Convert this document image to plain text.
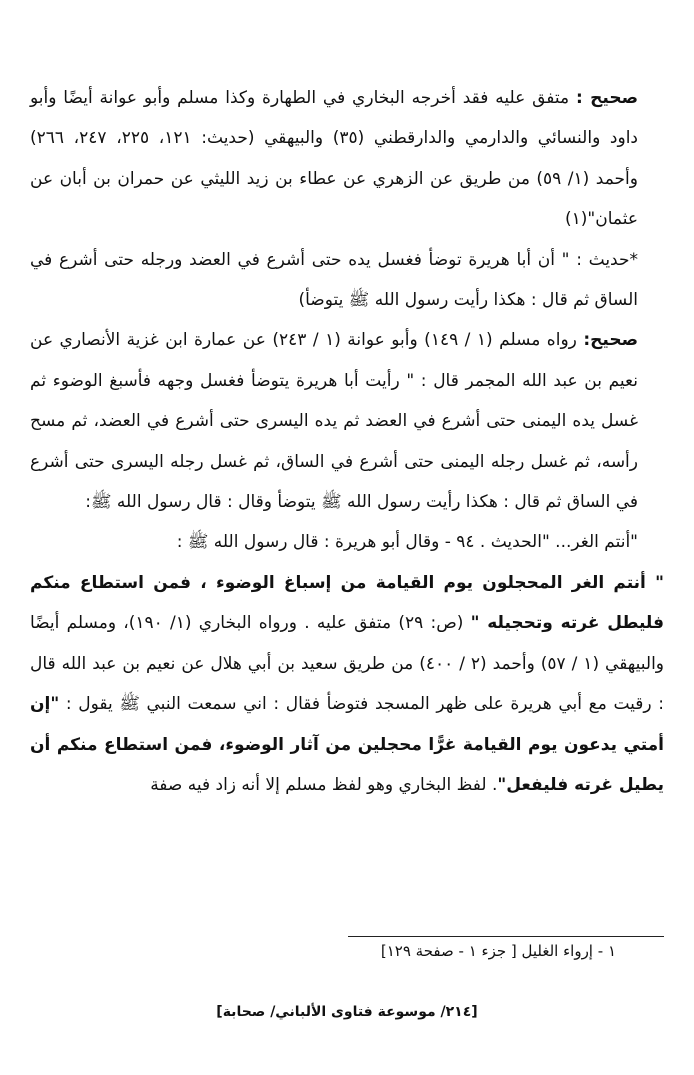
صحيح : متفق عليه فقد أخرجه البخاري في الطهارة وكذا مسلم وأبو عوانة أيضًا وأبو داود والنسائي والدارمي والدارقطني (٣٥) والبيهقي (حديث: ١٢١، ٢٢٥، ٢٤٧، ٢٦٦) وأحمد (١/ ٥٩) من طريق عن الزهري عن عطاء بن زيد الليثي عن حمران بن أبان عن عثمان"(١)

*حديث : " أن أبا هريرة توضأ فغسل يده حتى أشرع في العضد ورجله حتى أشرع في الساق ثم قال : هكذا رأيت رسول الله ﷺ يتوضأ)

صحيح: رواه مسلم (١ / ١٤٩) وأبو عوانة (١ / ٢٤٣) عن عمارة ابن غزية الأنصاري عن نعيم بن عبد الله المجمر قال : " رأيت أبا هريرة يتوضأ فغسل وجهه فأسبغ الوضوء ثم غسل يده اليمنى حتى أشرع في العضد ثم يده اليسرى حتى أشرع في العضد، ثم مسح رأسه، ثم غسل رجله اليمنى حتى أشرع في الساق، ثم غسل رجله اليسرى حتى أشرع في الساق ثم قال : هكذا رأيت رسول الله ﷺ يتوضأ وقال : قال رسول الله ﷺ:

"أنتم الغر... "الحديث . ٩٤ - وقال أبو هريرة : قال رسول الله ﷺ :

" أنتم الغر المحجلون يوم القيامة من إسباغ الوضوء ، فمن استطاع منكم فليطل غرته وتحجيله " (ص: ٢٩) متفق عليه . ورواه البخاري (١/ ١٩٠)، ومسلم أيضًا والبيهقي (١ / ٥٧) وأحمد (٢ / ٤٠٠) من طريق سعيد بن أبي هلال عن نعيم بن عبد الله قال : رقيت مع أبي هريرة على ظهر المسجد فتوضأ فقال : اني سمعت النبي ﷺ يقول : "إن أمتي يدعون يوم القيامة غرًّا محجلين من آثار الوضوء، فمن استطاع منكم أن يطيل غرته فليفعل". لفظ البخاري وهو لفظ مسلم إلا أنه زاد فيه صفة

١ - إرواء الغليل [ جزء ١ - صفحة ١٢٩]
[٢١٤/ موسوعة فتاوى الألباني/ صحابة]
